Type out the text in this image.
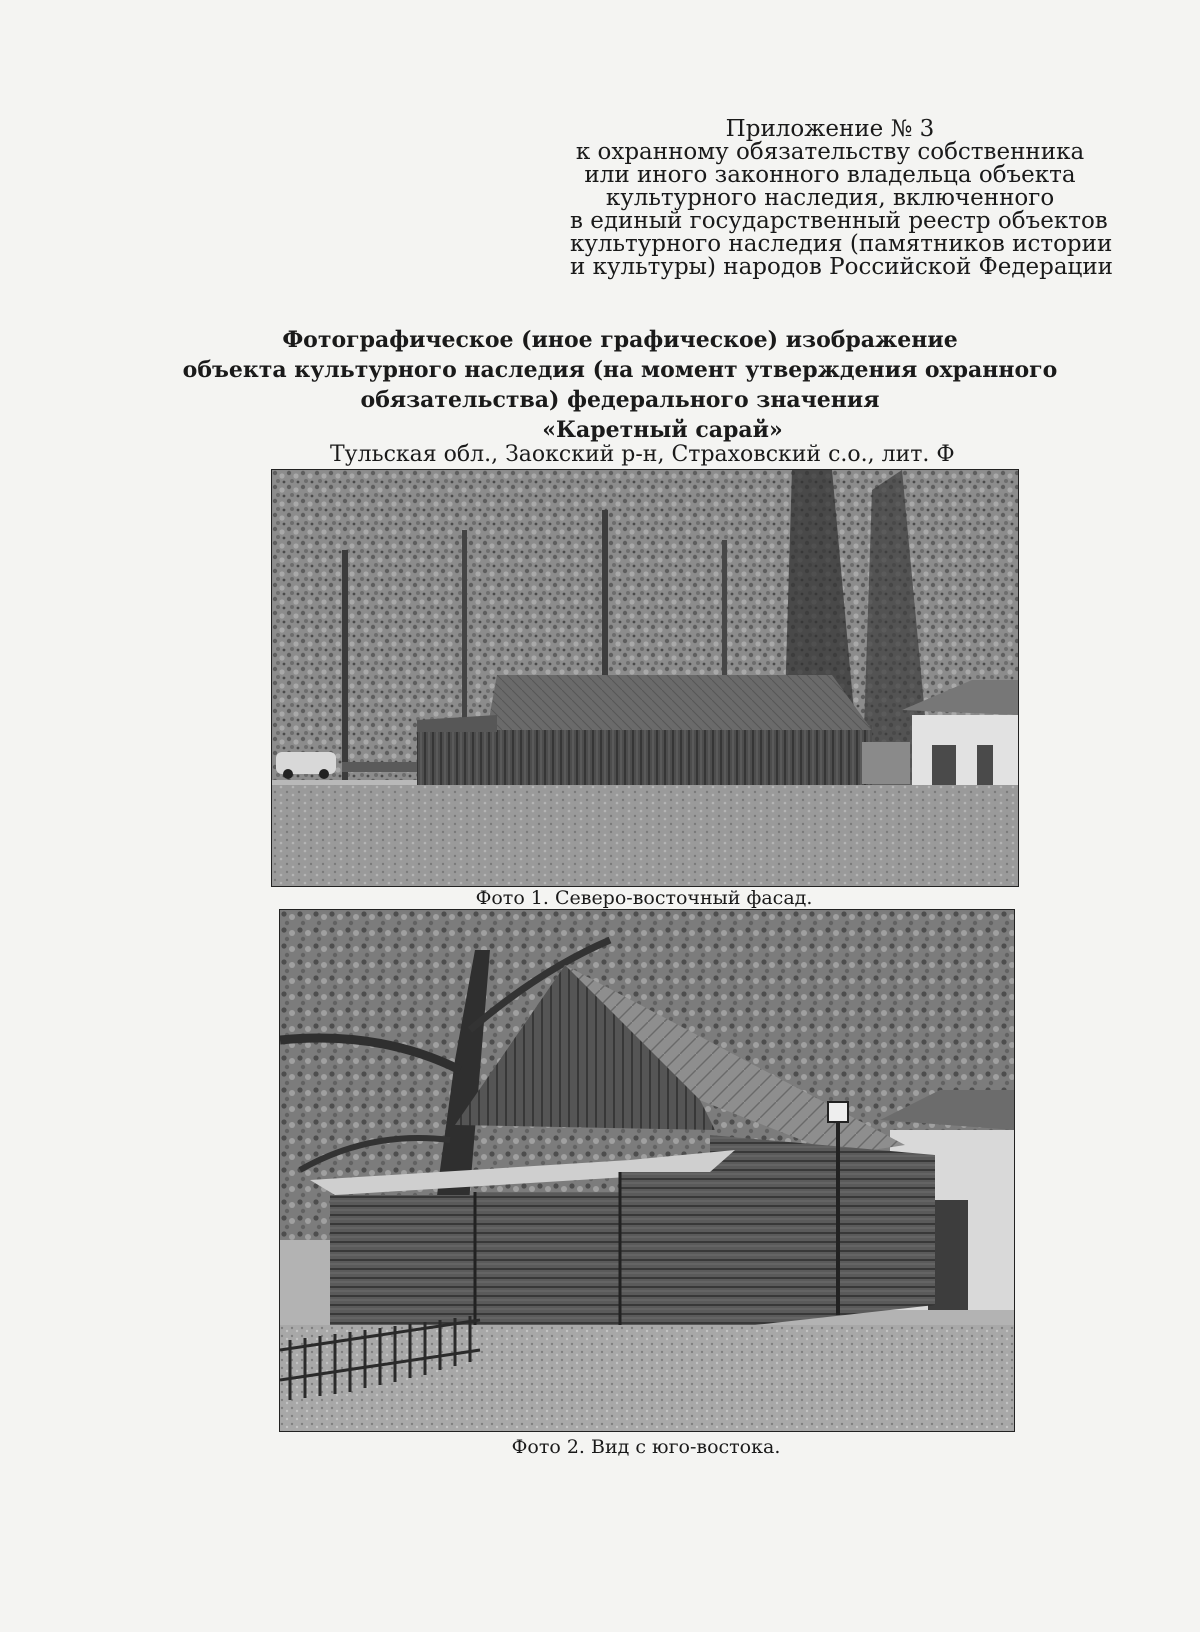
Приложение № 3
к охранному обязательству собственника
или иного законного владельца объекта
культурного наследия, включенного
в единый государственный реестр объектов
культурного наследия (памятников истории
и культуры) народов Российской Федерации
Фотографическое (иное графическое) изображение
объекта культурного наследия (на момент утверждения охранного
обязательства) федерального значения
«Каретный сарай»
Тульская обл., Заокский р-н, Страховский с.о., лит. Ф
Фото 1. Северо-восточный фасад.
Фото 2. Вид с юго-востока.
